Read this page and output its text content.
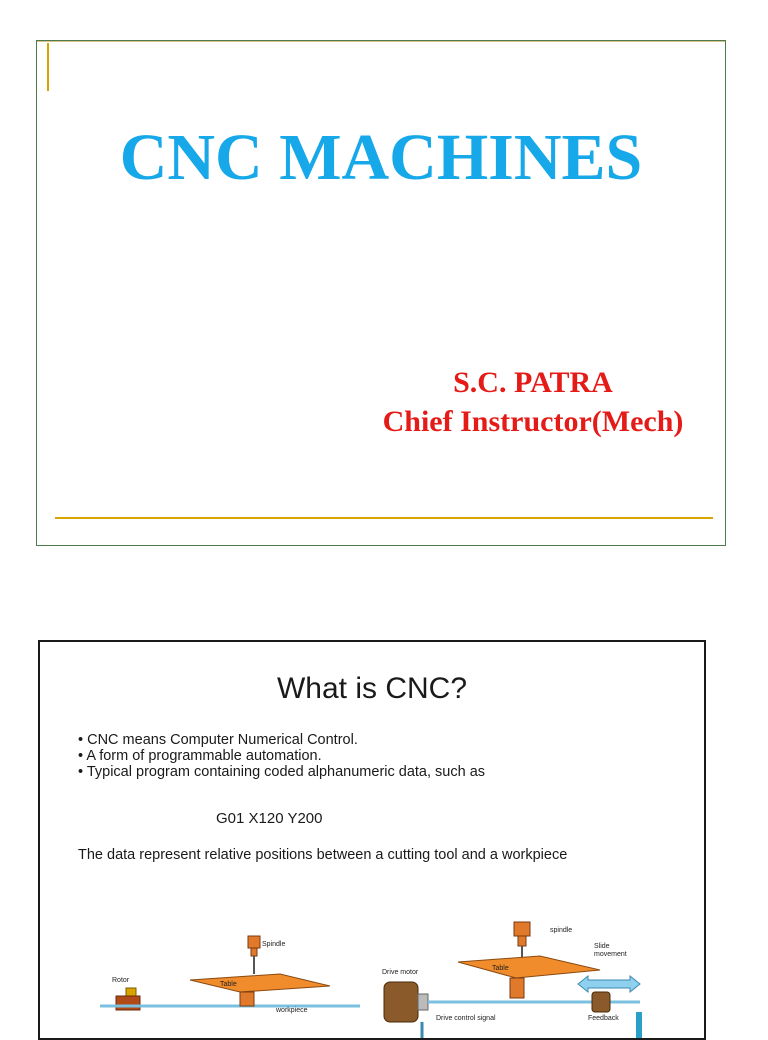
CNC MACHINES
S.C. PATRA
Chief Instructor(Mech)
What is CNC?
• CNC means Computer Numerical Control.
• A form of programmable automation.
• Typical program containing coded alphanumeric data, such as
G01 X120 Y200
The data represent relative positions between a cutting tool and a workpiece
Spindle
Table
Rotor
workpiece
spindle
Table
Slide movement
Drive motor
Drive control signal	Feedback
